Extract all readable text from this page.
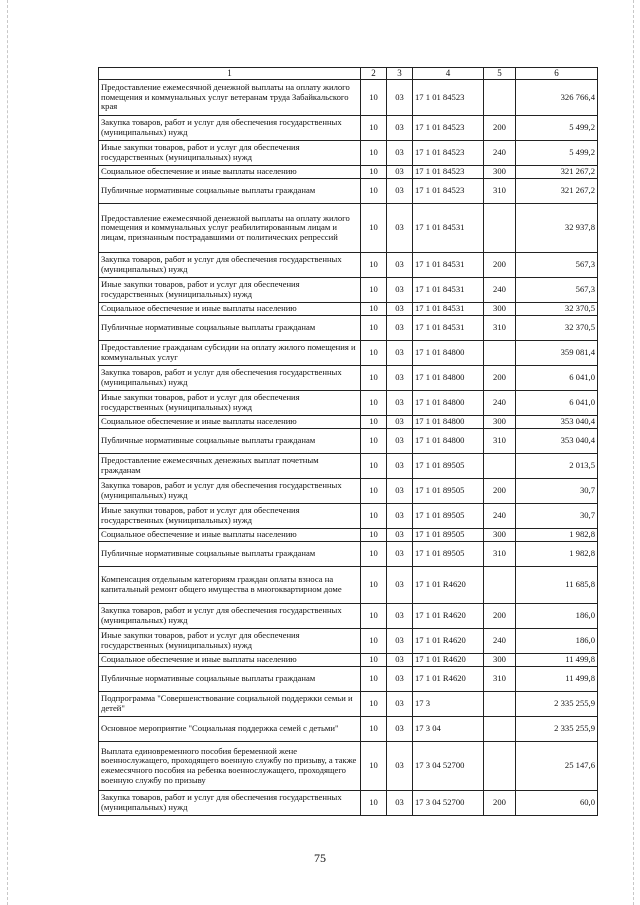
1	2	3	4	5	6
Предоставление ежемесячной денежной выплаты на оплату жилого помещения и коммунальных услуг ветеранам труда Забайкальского края	10	03	17 1 01 84523		326 766,4
Закупка товаров, работ и услуг для обеспечения государственных (муниципальных) нужд	10	03	17 1 01 84523	200	5 499,2
Иные закупки товаров, работ и услуг для обеспечения государственных (муниципальных) нужд	10	03	17 1 01 84523	240	5 499,2
Социальное обеспечение и иные выплаты населению	10	03	17 1 01 84523	300	321 267,2
Публичные нормативные социальные выплаты гражданам	10	03	17 1 01 84523	310	321 267,2
Предоставление ежемесячной денежной выплаты на оплату жилого помещения и коммунальных услуг реабилитированным лицам и лицам, признанным пострадавшими от политических репрессий	10	03	17 1 01 84531		32 937,8
Закупка товаров, работ и услуг для обеспечения государственных (муниципальных) нужд	10	03	17 1 01 84531	200	567,3
Иные закупки товаров, работ и услуг для обеспечения государственных (муниципальных) нужд	10	03	17 1 01 84531	240	567,3
Социальное обеспечение и иные выплаты населению	10	03	17 1 01 84531	300	32 370,5
Публичные нормативные социальные выплаты гражданам	10	03	17 1 01 84531	310	32 370,5
Предоставление гражданам субсидии на оплату жилого помещения и коммунальных услуг	10	03	17 1 01 84800		359 081,4
Закупка товаров, работ и услуг для обеспечения государственных (муниципальных) нужд	10	03	17 1 01 84800	200	6 041,0
Иные закупки товаров, работ и услуг для обеспечения государственных (муниципальных) нужд	10	03	17 1 01 84800	240	6 041,0
Социальное обеспечение и иные выплаты населению	10	03	17 1 01 84800	300	353 040,4
Публичные нормативные социальные выплаты гражданам	10	03	17 1 01 84800	310	353 040,4
Предоставление ежемесячных денежных выплат почетным гражданам	10	03	17 1 01 89505		2 013,5
Закупка товаров, работ и услуг для обеспечения государственных (муниципальных) нужд	10	03	17 1 01 89505	200	30,7
Иные закупки товаров, работ и услуг для обеспечения государственных (муниципальных) нужд	10	03	17 1 01 89505	240	30,7
Социальное обеспечение и иные выплаты населению	10	03	17 1 01 89505	300	1 982,8
Публичные нормативные социальные выплаты гражданам	10	03	17 1 01 89505	310	1 982,8
Компенсация отдельным категориям граждан оплаты взноса на капитальный ремонт общего имущества в многоквартирном доме	10	03	17 1 01 R4620		11 685,8
Закупка товаров, работ и услуг для обеспечения государственных (муниципальных) нужд	10	03	17 1 01 R4620	200	186,0
Иные закупки товаров, работ и услуг для обеспечения государственных (муниципальных) нужд	10	03	17 1 01 R4620	240	186,0
Социальное обеспечение и иные выплаты населению	10	03	17 1 01 R4620	300	11 499,8
Публичные нормативные социальные выплаты гражданам	10	03	17 1 01 R4620	310	11 499,8
Подпрограмма "Совершенствование социальной поддержки семьи и детей"	10	03	17 3		2 335 255,9
Основное мероприятие "Социальная поддержка семей с детьми"	10	03	17 3 04		2 335 255,9
Выплата единовременного пособия беременной жене военнослужащего, проходящего военную службу по призыву, а также ежемесячного пособия на ребенка военнослужащего, проходящего военную службу по призыву	10	03	17 3 04 52700		25 147,6
Закупка товаров, работ и услуг для обеспечения государственных (муниципальных) нужд	10	03	17 3 04 52700	200	60,0
75
